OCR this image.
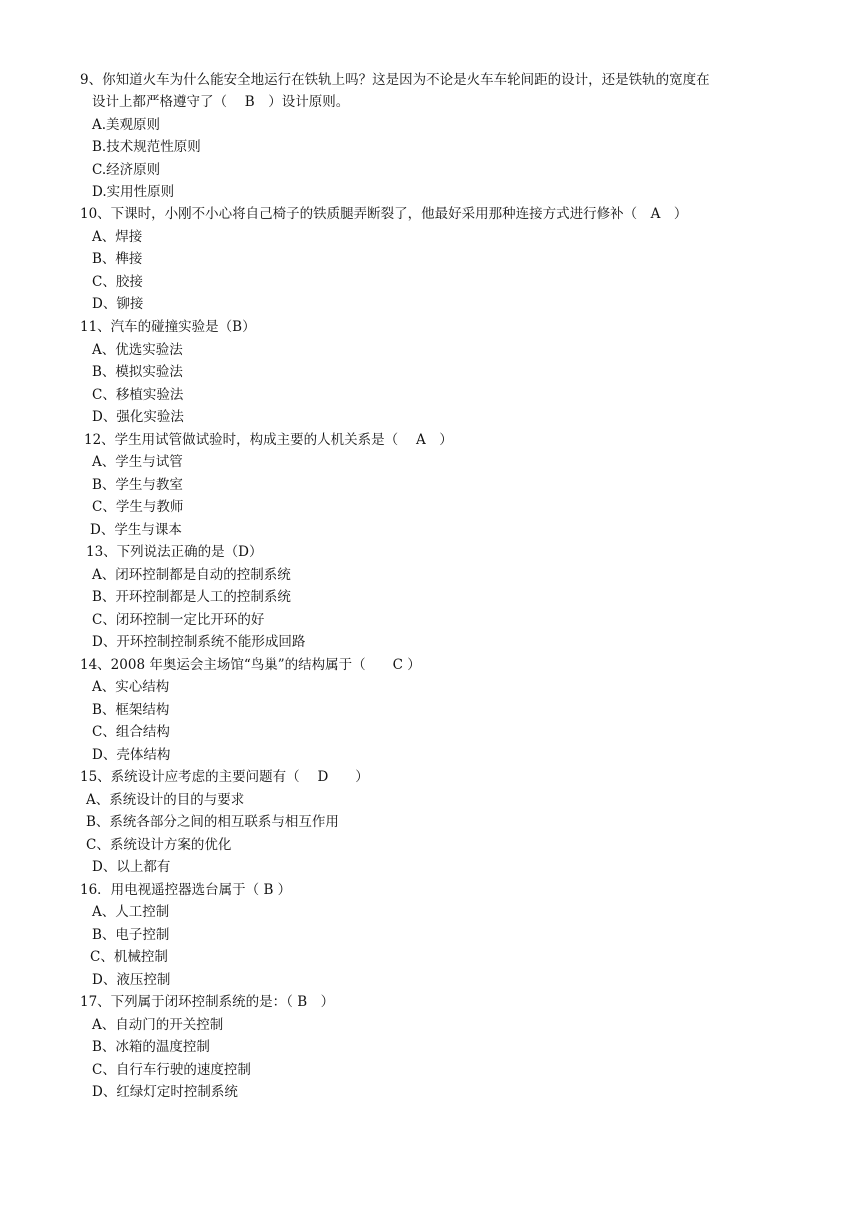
9、你知道火车为什么能安全地运行在铁轨上吗？这是因为不论是火车车轮间距的设计，还是铁轨的宽度在
设计上都严格遵守了（　 B　）设计原则。
A.美观原则
B.技术规范性原则
C.经济原则
D.实用性原则
10、下课时，小刚不小心将自己椅子的铁质腿弄断裂了，他最好采用那种连接方式进行修补（　A　）
A、焊接
B、榫接
C、胶接
D、铆接
11、汽车的碰撞实验是（B）
A、优选实验法
B、模拟实验法
C、移植实验法
D、强化实验法
12、学生用试管做试验时，构成主要的人机关系是（　 A　）
A、学生与试管
B、学生与教室
C、学生与教师
D、学生与课本
13、下列说法正确的是（D）
A、闭环控制都是自动的控制系统
B、开环控制都是人工的控制系统
C、闭环控制一定比开环的好
D、开环控制控制系统不能形成回路
14、2008 年奥运会主场馆“鸟巢”的结构属于（　　C ）
A、实心结构
B、框架结构
C、组合结构
D、壳体结构
15、系统设计应考虑的主要问题有（　 D　　）
A、系统设计的目的与要求
B、系统各部分之间的相互联系与相互作用
C、系统设计方案的优化
D、以上都有
16．用电视遥控器选台属于（ B ）
A、人工控制
B、电子控制
C、机械控制
D、液压控制
17、下列属于闭环控制系统的是：（ B　）
A、自动门的开关控制
B、冰箱的温度控制
C、自行车行驶的速度控制
D、红绿灯定时控制系统
